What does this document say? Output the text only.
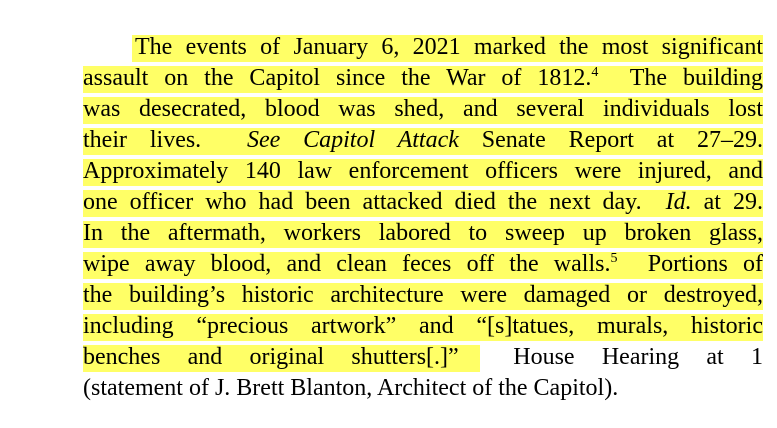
The events of January 6, 2021 marked the most significant
assault on the Capitol since the War of 1812.$^4$  The building
was desecrated, blood was shed, and several individuals lost
their lives.  See Capitol Attack Senate Report at 27–29.
Approximately 140 law enforcement officers were injured, and
one officer who had been attacked died the next day.  Id. at 29.
In the aftermath, workers labored to sweep up broken glass,
wipe away blood, and clean feces off the walls.$^5$  Portions of
the building’s historic architecture were damaged or destroyed,
including “precious artwork” and “[s]tatues, murals, historic
benches and original shutters[.]”  House Hearing at 1
(statement of J. Brett Blanton, Architect of the Capitol).
